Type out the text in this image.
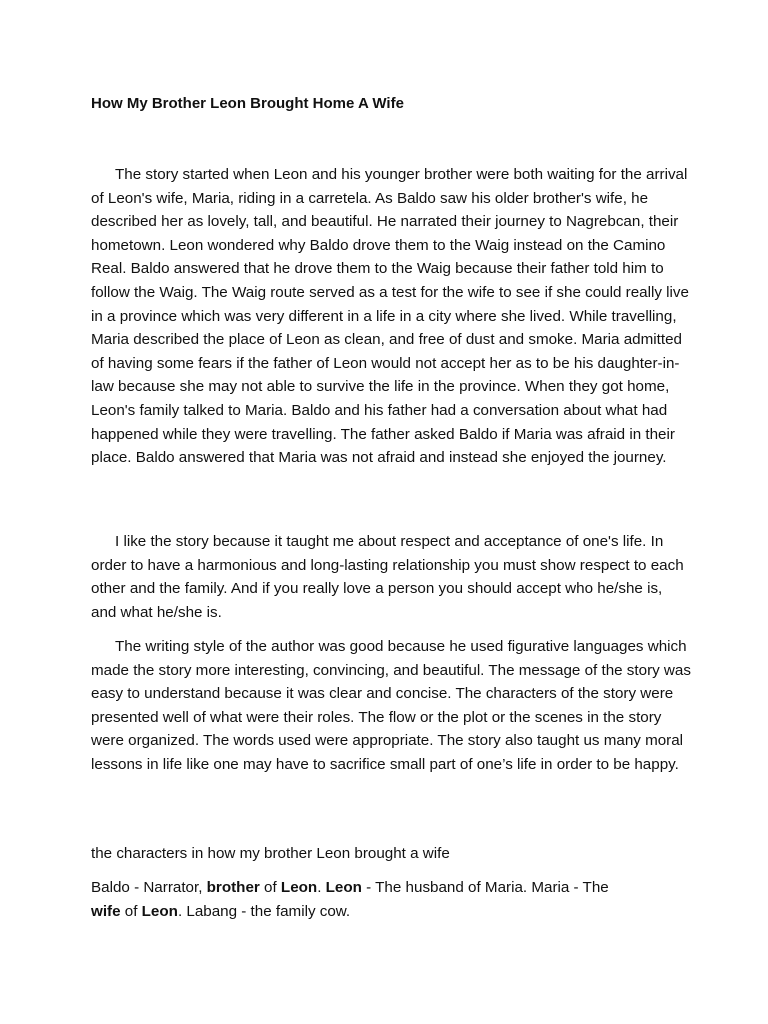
How My Brother Leon Brought Home A Wife

The story started when Leon and his younger brother were both waiting for the arrival of Leon's wife, Maria, riding in a carretela. As Baldo saw his older brother's wife, he described her as lovely, tall, and beautiful. He narrated their journey to Nagrebcan, their hometown. Leon wondered why Baldo drove them to the Waig instead on the Camino Real. Baldo answered that he drove them to the Waig because their father told him to follow the Waig. The Waig route served as a test for the wife to see if she could really live in a province which was very different in a life in a city where she lived. While travelling, Maria described the place of Leon as clean, and free of dust and smoke. Maria admitted of having some fears if the father of Leon would not accept her as to be his daughter-in-law because she may not able to survive the life in the province. When they got home, Leon's family talked to Maria. Baldo and his father had a conversation about what had happened while they were travelling. The father asked Baldo if Maria was afraid in their place. Baldo answered that Maria was not afraid and instead she enjoyed the journey.

I like the story because it taught me about respect and acceptance of one's life. In order to have a harmonious and long-lasting relationship you must show respect to each other and the family. And if you really love a person you should accept who he/she is, and what he/she is.

The writing style of the author was good because he used figurative languages which made the story more interesting, convincing, and beautiful. The message of the story was easy to understand because it was clear and concise. The characters of the story were presented well of what were their roles. The flow or the plot or the scenes in the story were organized. The words used were appropriate. The story also taught us many moral lessons in life like one may have to sacrifice small part of one’s life in order to be happy.

the characters in how my brother Leon brought a wife

Baldo - Narrator, brother of Leon. Leon - The husband of Maria. Maria - The wife of Leon. Labang - the family cow.
